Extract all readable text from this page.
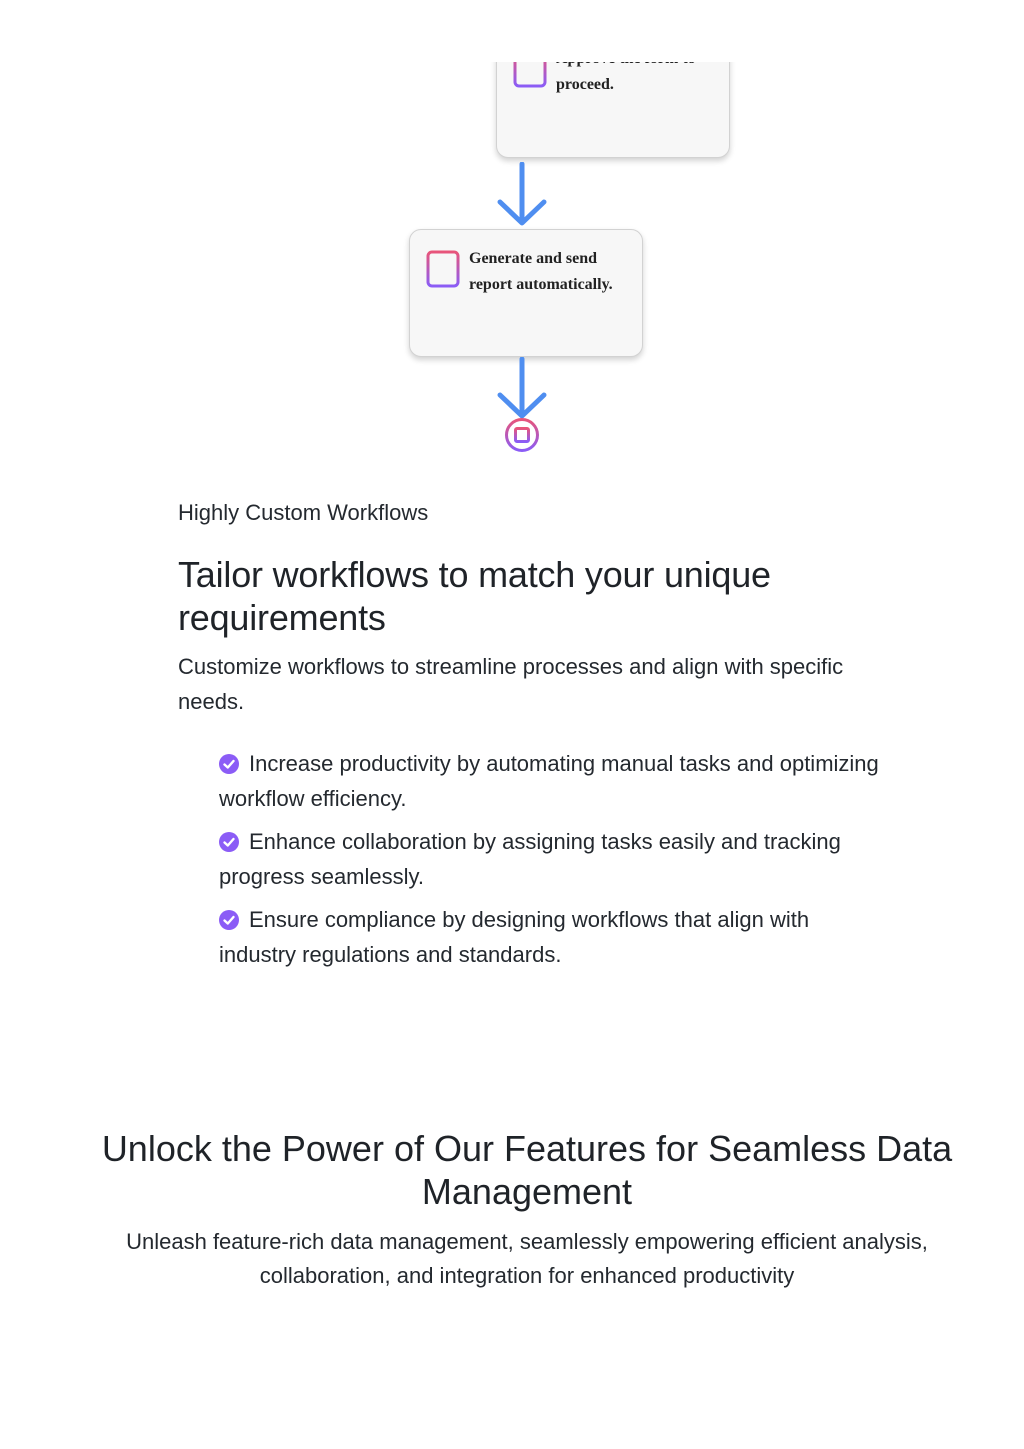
proceed.
Generate and send report automatically.
Highly Custom Workflows
Tailor workflows to match your unique requirements
Customize workflows to streamline processes and align with specific needs.
Increase productivity by automating manual tasks and optimizing workflow efficiency.
Enhance collaboration by assigning tasks easily and tracking progress seamlessly.
Ensure compliance by designing workflows that align with industry regulations and standards.
Unlock the Power of Our Features for Seamless Data Management
Unleash feature-rich data management, seamlessly empowering efficient analysis, collaboration, and integration for enhanced productivity
